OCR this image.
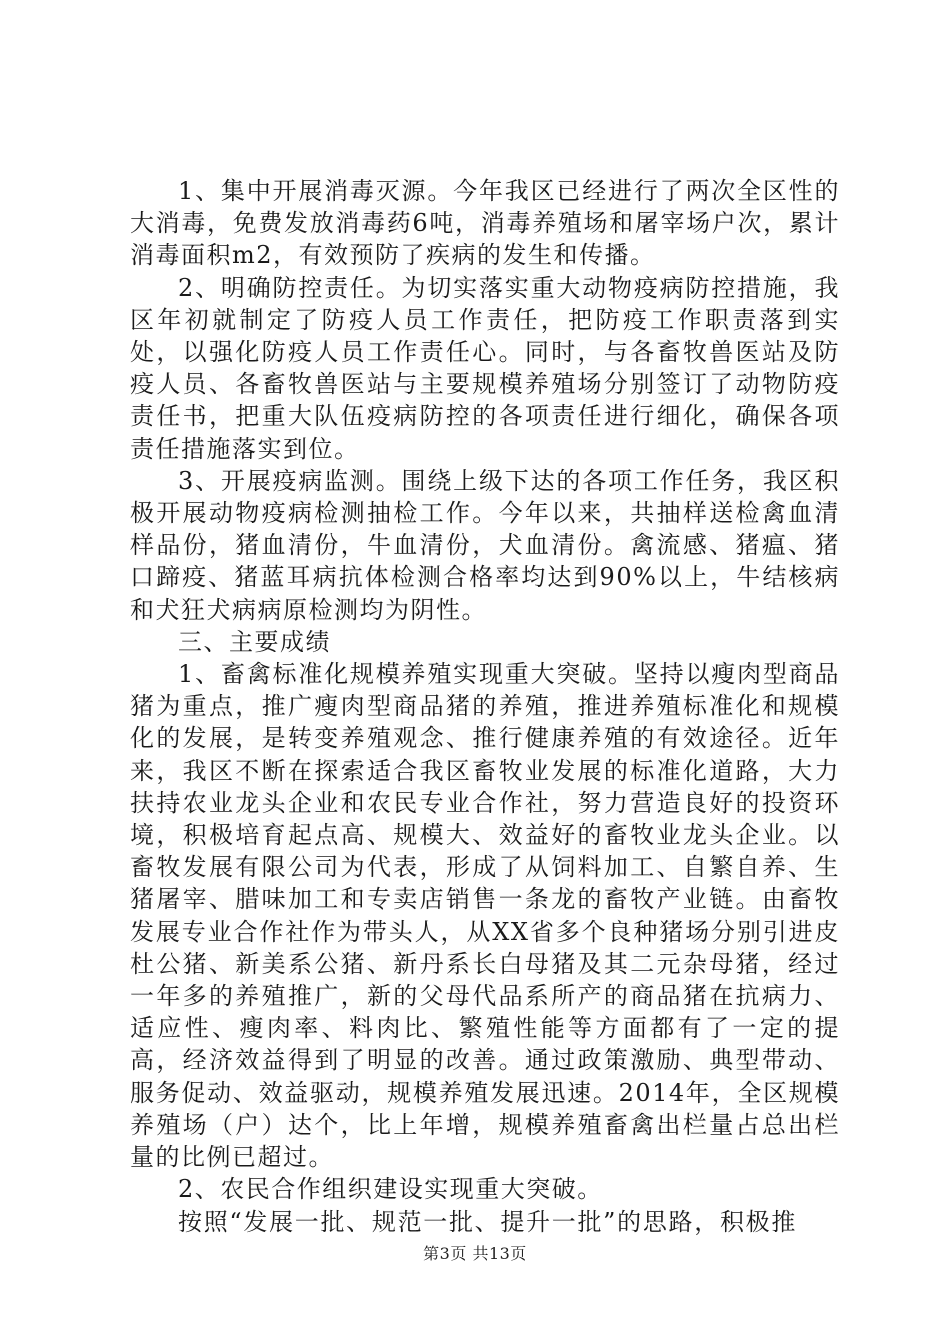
1、集中开展消毒灭源。今年我区已经进行了两次全区性的大消毒，免费发放消毒药6吨，消毒养殖场和屠宰场户次，累计消毒面积m2，有效预防了疾病的发生和传播。

2、明确防控责任。为切实落实重大动物疫病防控措施，我区年初就制定了防疫人员工作责任，把防疫工作职责落到实处，以强化防疫人员工作责任心。同时，与各畜牧兽医站及防疫人员、各畜牧兽医站与主要规模养殖场分别签订了动物防疫责任书，把重大队伍疫病防控的各项责任进行细化，确保各项责任措施落实到位。

3、开展疫病监测。围绕上级下达的各项工作任务，我区积极开展动物疫病检测抽检工作。今年以来，共抽样送检禽血清样品份，猪血清份，牛血清份，犬血清份。禽流感、猪瘟、猪口蹄疫、猪蓝耳病抗体检测合格率均达到90%以上，牛结核病和犬狂犬病病原检测均为阴性。

三、主要成绩

1、畜禽标准化规模养殖实现重大突破。坚持以瘦肉型商品猪为重点，推广瘦肉型商品猪的养殖，推进养殖标准化和规模化的发展，是转变养殖观念、推行健康养殖的有效途径。近年来，我区不断在探索适合我区畜牧业发展的标准化道路，大力扶持农业龙头企业和农民专业合作社，努力营造良好的投资环境，积极培育起点高、规模大、效益好的畜牧业龙头企业。以畜牧发展有限公司为代表，形成了从饲料加工、自繁自养、生猪屠宰、腊味加工和专卖店销售一条龙的畜牧产业链。由畜牧发展专业合作社作为带头人，从XX省多个良种猪场分别引进皮杜公猪、新美系公猪、新丹系长白母猪及其二元杂母猪，经过一年多的养殖推广，新的父母代品系所产的商品猪在抗病力、适应性、瘦肉率、料肉比、繁殖性能等方面都有了一定的提高，经济效益得到了明显的改善。通过政策激励、典型带动、服务促动、效益驱动，规模养殖发展迅速。2014年，全区规模养殖场（户）达个，比上年增，规模养殖畜禽出栏量占总出栏量的比例已超过。

2、农民合作组织建设实现重大突破。

按照“发展一批、规范一批、提升一批”的思路，积极推

第3页 共13页
